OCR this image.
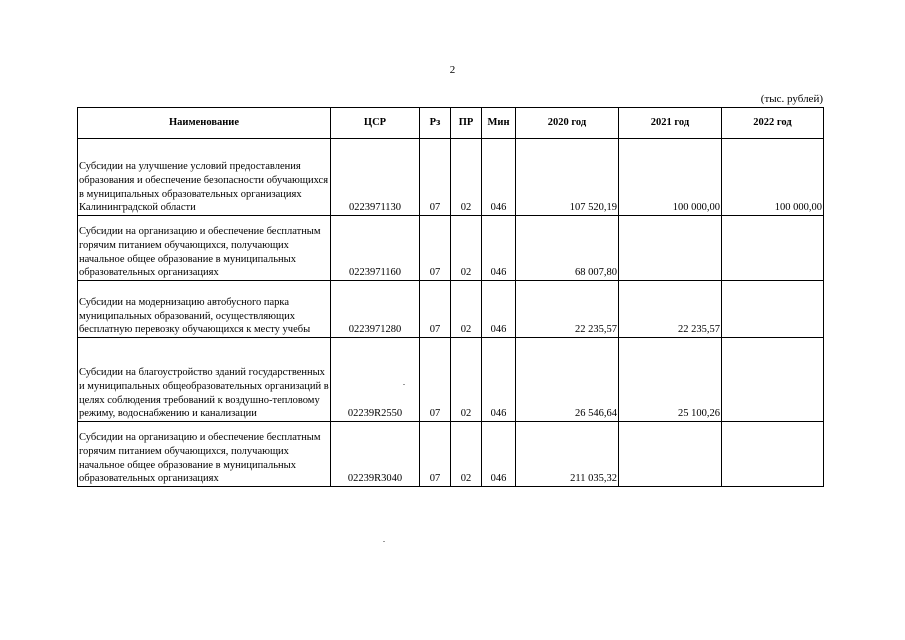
2
(тыс. рублей)
Наименование	ЦСР	Рз	ПР	Мин	2020 год	2021 год	2022 год
Субсидии на улучшение условий предоставления образования и обеспечение безопасности обучающихся в муниципальных образовательных организациях Калининградской области	0223971130	07	02	046	107 520,19	100 000,00	100 000,00
Субсидии на организацию и обеспечение бесплатным горячим питанием обучающихся, получающих начальное общее образование в муниципальных образовательных организациях	0223971160	07	02	046	68 007,80		
Субсидии на модернизацию автобусного парка муниципальных образований, осуществляющих бесплатную перевозку обучающихся к месту учебы	0223971280	07	02	046	22 235,57	22 235,57	
Субсидии на благоустройство зданий государственных и муниципальных общеобразовательных организаций в целях соблюдения требований к воздушно-тепловому режиму, водоснабжению и канализации	02239R2550	07	02	046	26 546,64	25 100,26	
Субсидии на организацию и обеспечение бесплатным горячим питанием обучающихся, получающих начальное общее образование в муниципальных образовательных организациях	02239R3040	07	02	046	211 035,32		
